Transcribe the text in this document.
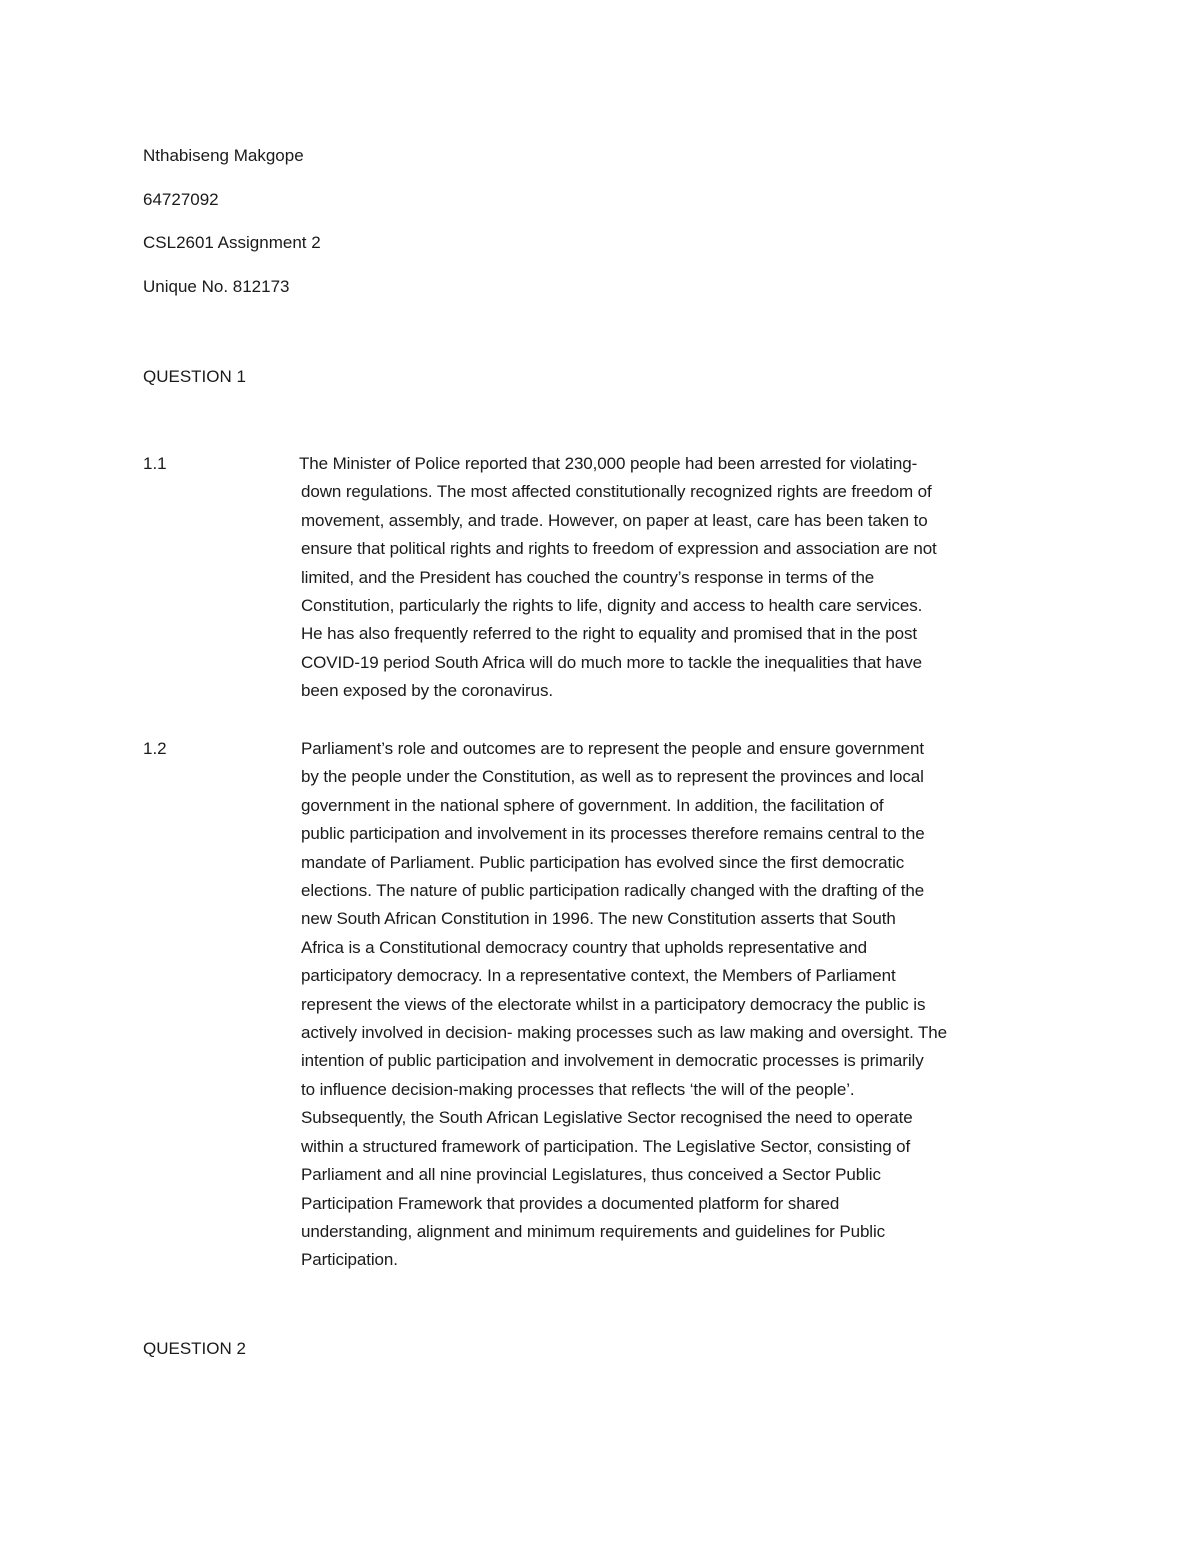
Nthabiseng Makgope
64727092
CSL2601 Assignment 2
Unique No. 812173
QUESTION 1
1.1	The Minister of Police reported that 230,000 people had been arrested for violating-
down regulations. The most affected constitutionally recognized rights are freedom of
movement, assembly, and trade. However, on paper at least, care has been taken to
ensure that political rights and rights to freedom of expression and association are not
limited, and the President has couched the country’s response in terms of the
Constitution, particularly the rights to life, dignity and access to health care services.
He has also frequently referred to the right to equality and promised that in the post
COVID-19 period South Africa will do much more to tackle the inequalities that have
been exposed by the coronavirus.
1.2	Parliament’s role and outcomes are to represent the people and ensure government
by the people under the Constitution, as well as to represent the provinces and local
government in the national sphere of government. In addition, the facilitation of
public participation and involvement in its processes therefore remains central to the
mandate of Parliament. Public participation has evolved since the first democratic
elections. The nature of public participation radically changed with the drafting of the
new South African Constitution in 1996. The new Constitution asserts that South
Africa is a Constitutional democracy country that upholds representative and
participatory democracy. In a representative context, the Members of Parliament
represent the views of the electorate whilst in a participatory democracy the public is
actively involved in decision- making processes such as law making and oversight. The
intention of public participation and involvement in democratic processes is primarily
to influence decision-making processes that reflects ‘the will of the people’.
Subsequently, the South African Legislative Sector recognised the need to operate
within a structured framework of participation. The Legislative Sector, consisting of
Parliament and all nine provincial Legislatures, thus conceived a Sector Public
Participation Framework that provides a documented platform for shared
understanding, alignment and minimum requirements and guidelines for Public
Participation.
QUESTION 2
